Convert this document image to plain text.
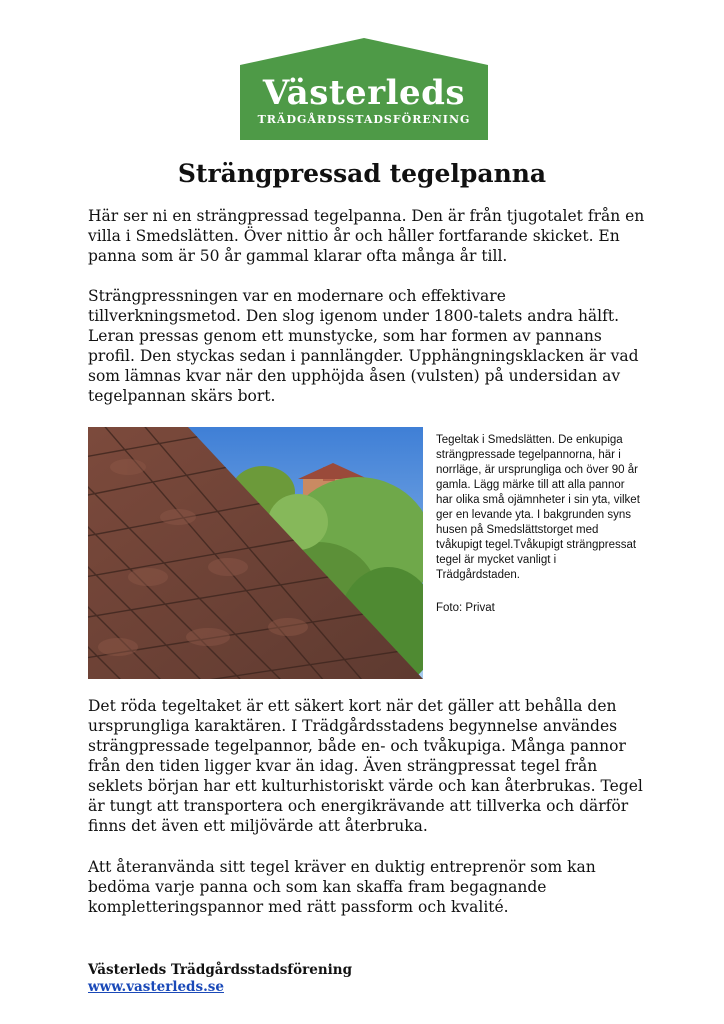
Västerleds
TRÄDGÅRDSSTADSFÖRENING
Strängpressad tegelpanna

Här ser ni en strängpressad tegelpanna. Den är från tjugotalet från en villa i Smedslätten. Över nittio år och håller fortfarande skicket. En panna som är 50 år gammal klarar ofta många år till.

Strängpressningen var en modernare och effektivare tillverkningsmetod. Den slog igenom under 1800-talets andra hälft. Leran pressas genom ett munstycke, som har formen av pannans profil. Den styckas sedan i pannlängder. Upphängningsklacken är vad som lämnas kvar när den upphöjda åsen (vulsten) på undersidan av tegelpannan skärs bort.

Tegeltak i Smedslätten. De enkupiga strängpressade tegelpannorna, här i norrläge, är ursprungliga och över 90 år gamla. Lägg märke till att alla pannor har olika små ojämnheter i sin yta, vilket ger en levande yta. I bakgrunden syns husen på Smedslättstorget med tvåkupigt tegel.Tvåkupigt strängpressat tegel är mycket vanligt i Trädgårdstaden.

Foto: Privat

Det röda tegeltaket är ett säkert kort när det gäller att behålla den ursprungliga karaktären. I Trädgårdsstadens begynnelse användes strängpressade tegelpannor, både en- och tvåkupiga. Många pannor från den tiden ligger kvar än idag. Även strängpressat tegel från seklets början har ett kulturhistoriskt värde och kan återbrukas. Tegel är tungt att transportera och energikrävande att tillverka och därför finns det även ett miljövärde att återbruka.

Att återanvända sitt tegel kräver en duktig entreprenör som kan bedöma varje panna och som kan skaffa fram begagnande kompletteringspannor med rätt passform och kvalité.

Västerleds Trädgårdsstadsförening

www.vasterleds.se
